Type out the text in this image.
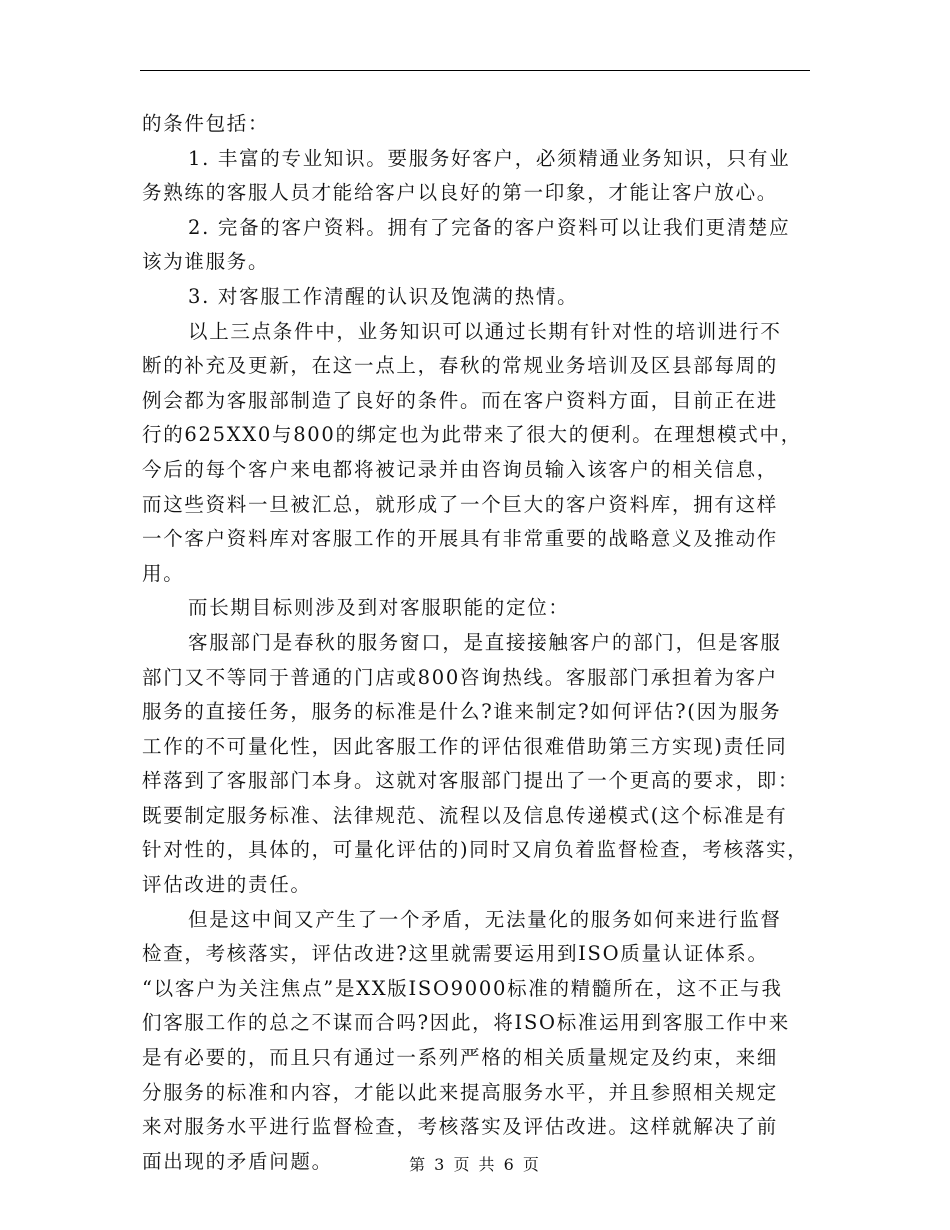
的条件包括：
1. 丰富的专业知识。要服务好客户，必须精通业务知识，只有业
务熟练的客服人员才能给客户以良好的第一印象，才能让客户放心。
2. 完备的客户资料。拥有了完备的客户资料可以让我们更清楚应
该为谁服务。
3. 对客服工作清醒的认识及饱满的热情。
以上三点条件中，业务知识可以通过长期有针对性的培训进行不
断的补充及更新，在这一点上，春秋的常规业务培训及区县部每周的
例会都为客服部制造了良好的条件。而在客户资料方面，目前正在进
行的625XX0与800的绑定也为此带来了很大的便利。在理想模式中，
今后的每个客户来电都将被记录并由咨询员输入该客户的相关信息，
而这些资料一旦被汇总，就形成了一个巨大的客户资料库，拥有这样
一个客户资料库对客服工作的开展具有非常重要的战略意义及推动作
用。
而长期目标则涉及到对客服职能的定位：
客服部门是春秋的服务窗口，是直接接触客户的部门，但是客服
部门又不等同于普通的门店或800咨询热线。客服部门承担着为客户
服务的直接任务，服务的标准是什么?谁来制定?如何评估?(因为服务
工作的不可量化性，因此客服工作的评估很难借助第三方实现)责任同
样落到了客服部门本身。这就对客服部门提出了一个更高的要求，即：
既要制定服务标准、法律规范、流程以及信息传递模式(这个标准是有
针对性的，具体的，可量化评估的)同时又肩负着监督检查，考核落实，
评估改进的责任。
但是这中间又产生了一个矛盾，无法量化的服务如何来进行监督
检查，考核落实，评估改进?这里就需要运用到ISO质量认证体系。
“以客户为关注焦点”是XX版ISO9000标准的精髓所在，这不正与我
们客服工作的总之不谋而合吗?因此，将ISO标准运用到客服工作中来
是有必要的，而且只有通过一系列严格的相关质量规定及约束，来细
分服务的标准和内容，才能以此来提高服务水平，并且参照相关规定
来对服务水平进行监督检查，考核落实及评估改进。这样就解决了前
面出现的矛盾问题。	第 3 页 共 6 页
